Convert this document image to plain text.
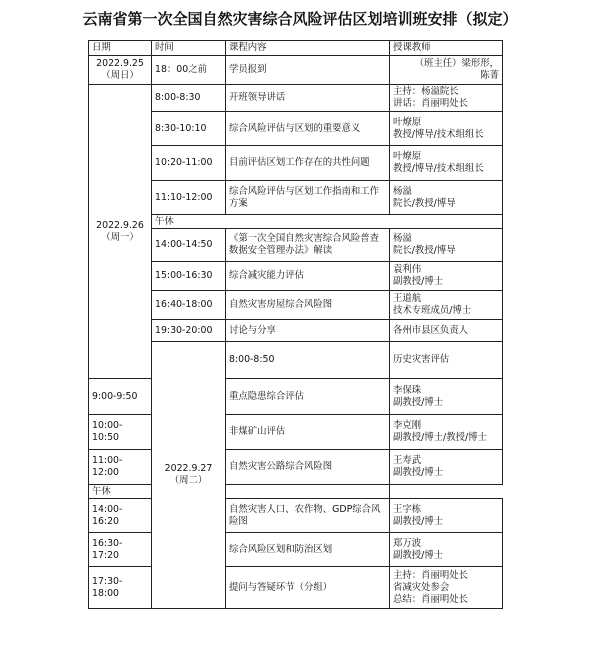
云南省第一次全国自然灾害综合风险评估区划培训班安排（拟定）
日期	时间	课程内容	授课教师	

2022.9.25
（周日）	18：00之前	学员报到	（班主任）梁形形，
陈菁	

2022.9.26
（周一）	8:00-8:30	开班领导讲话	主持：杨溢院长
讲话：肖丽明处长	

	8:30-10:10	综合风险评估与区划的重要意义	叶燎原
教授/博导/技术组组长	

	10:20-11:00	目前评估区划工作存在的共性问题	叶燎原
教授/博导/技术组组长	

	11:10-12:00	综合风险评估与区划工作指南和工作方案	杨溢
院长/教授/博导	

	午休			
	14:00-14:50	《第一次全国自然灾害综合风险普查数据安全管理办法》解读	杨溢
院长/教授/博导	

	15:00-16:30	综合减灾能力评估	袁利伟
副教授/博士	

	16:40-18:00	自然灾害房屋综合风险图	王道航
技术专班成员/博士	

	19:30-20:00	讨论与分享	各州市县区负责人	

	2022.9.27
（周二）	8:00-8:50	历史灾害评估	

9:00-9:50		重点隐患综合评估	李保珠
副教授/博士	

10:00-10:50		非煤矿山评估	李克刚
副教授/博士/教授/博士	

11:00-12:00		自然灾害公路综合风险图	王寿武
副教授/博士	

午休				
14:00-16:20		自然灾害人口、农作物、GDP综合风险图	王字栋
副教授/博士	

16:30-17:20		综合风险区划和防治区划	郑万波
副教授/博士	

17:30-18:00		提问与答疑环节（分组）	主持：肖丽明处长
省减灾处参会
总结：肖丽明处长	
